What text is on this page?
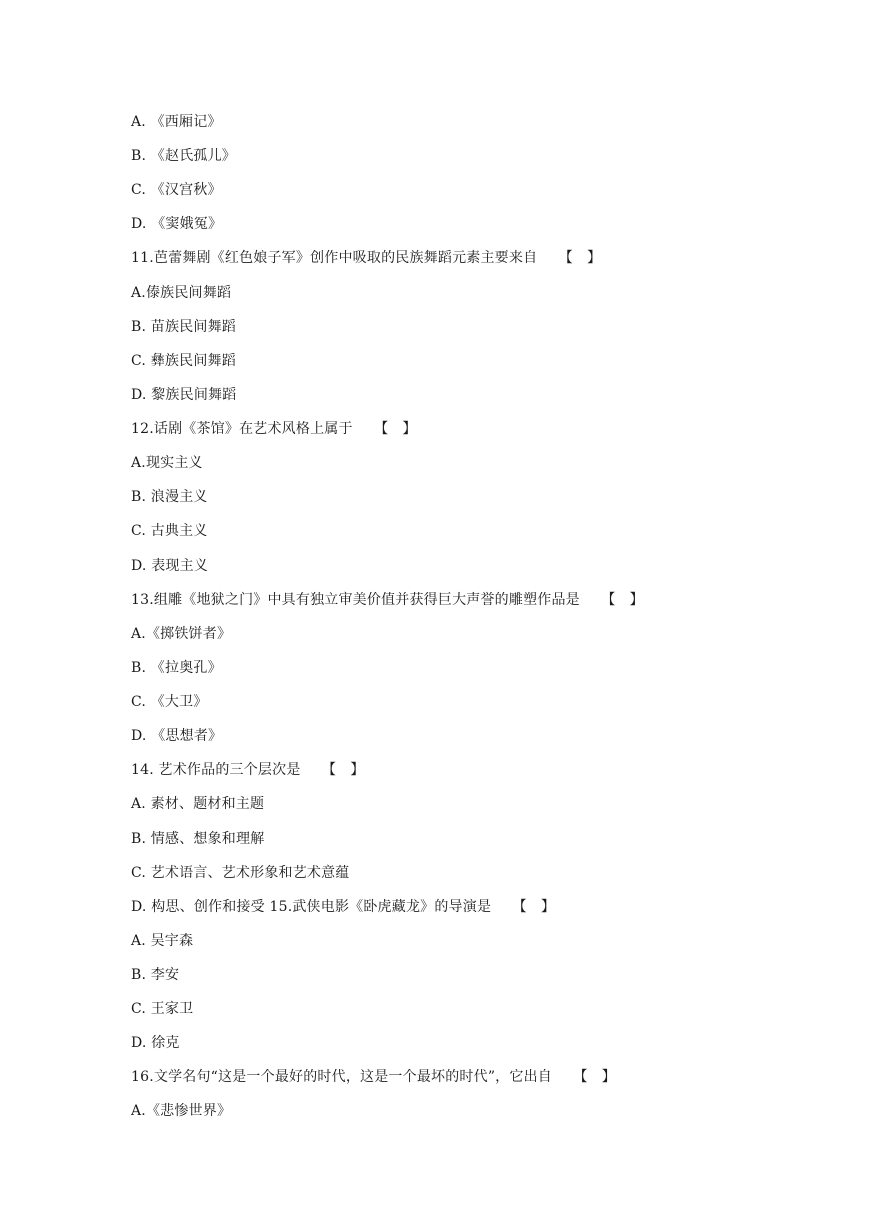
A. 《西厢记》
B. 《赵氏孤儿》
C. 《汉宫秋》
D. 《窦娥冤》
11.芭蕾舞剧《红色娘子军》创作中吸取的民族舞蹈元素主要来自　　【　】
A.傣族民间舞蹈
B. 苗族民间舞蹈
C. 彝族民间舞蹈
D. 黎族民间舞蹈
12.话剧《茶馆》在艺术风格上属于　　【　】
A.现实主义
B. 浪漫主义
C. 古典主义
D. 表现主义
13.组雕《地狱之门》中具有独立审美价值并获得巨大声誉的雕塑作品是　　【　】
A.《掷铁饼者》
B. 《拉奥孔》
C. 《大卫》
D. 《思想者》
14. 艺术作品的三个层次是　　【　】
A. 素材、题材和主题
B. 情感、想象和理解
C. 艺术语言、艺术形象和艺术意蕴
D. 构思、创作和接受 15.武侠电影《卧虎藏龙》的导演是　　【　】
A. 吴宇森
B. 李安
C. 王家卫
D. 徐克
16.文学名句“这是一个最好的时代，这是一个最坏的时代”，它出自　　【　】
A.《悲惨世界》
